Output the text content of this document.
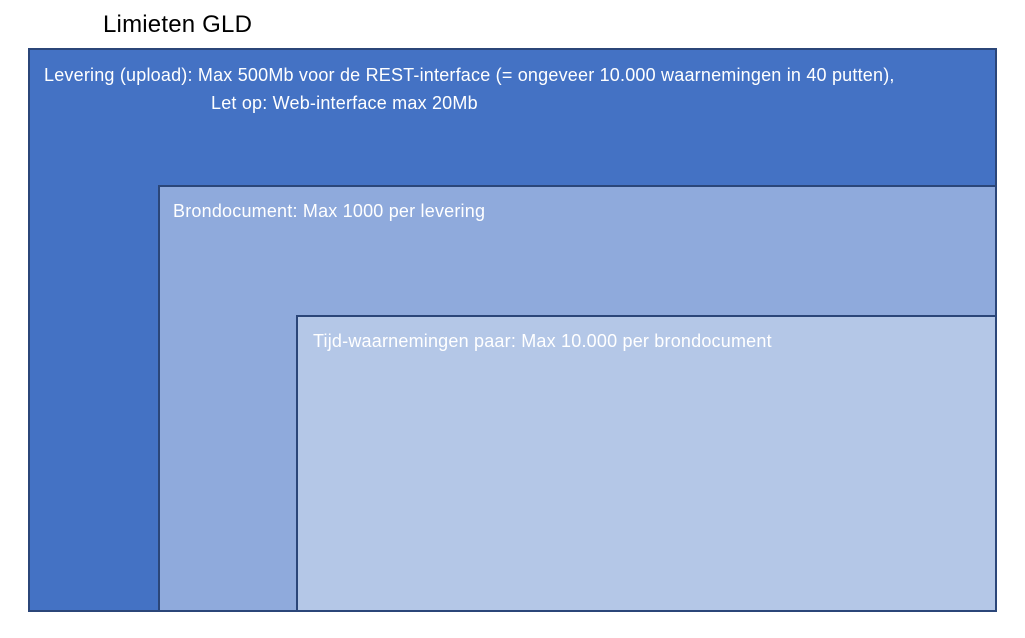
Limieten GLD
Levering (upload): Max 500Mb voor de REST-interface (= ongeveer 10.000 waarnemingen in 40 putten),
Let op: Web-interface max 20Mb
Brondocument: Max 1000 per levering
Tijd-waarnemingen paar: Max 10.000 per brondocument
